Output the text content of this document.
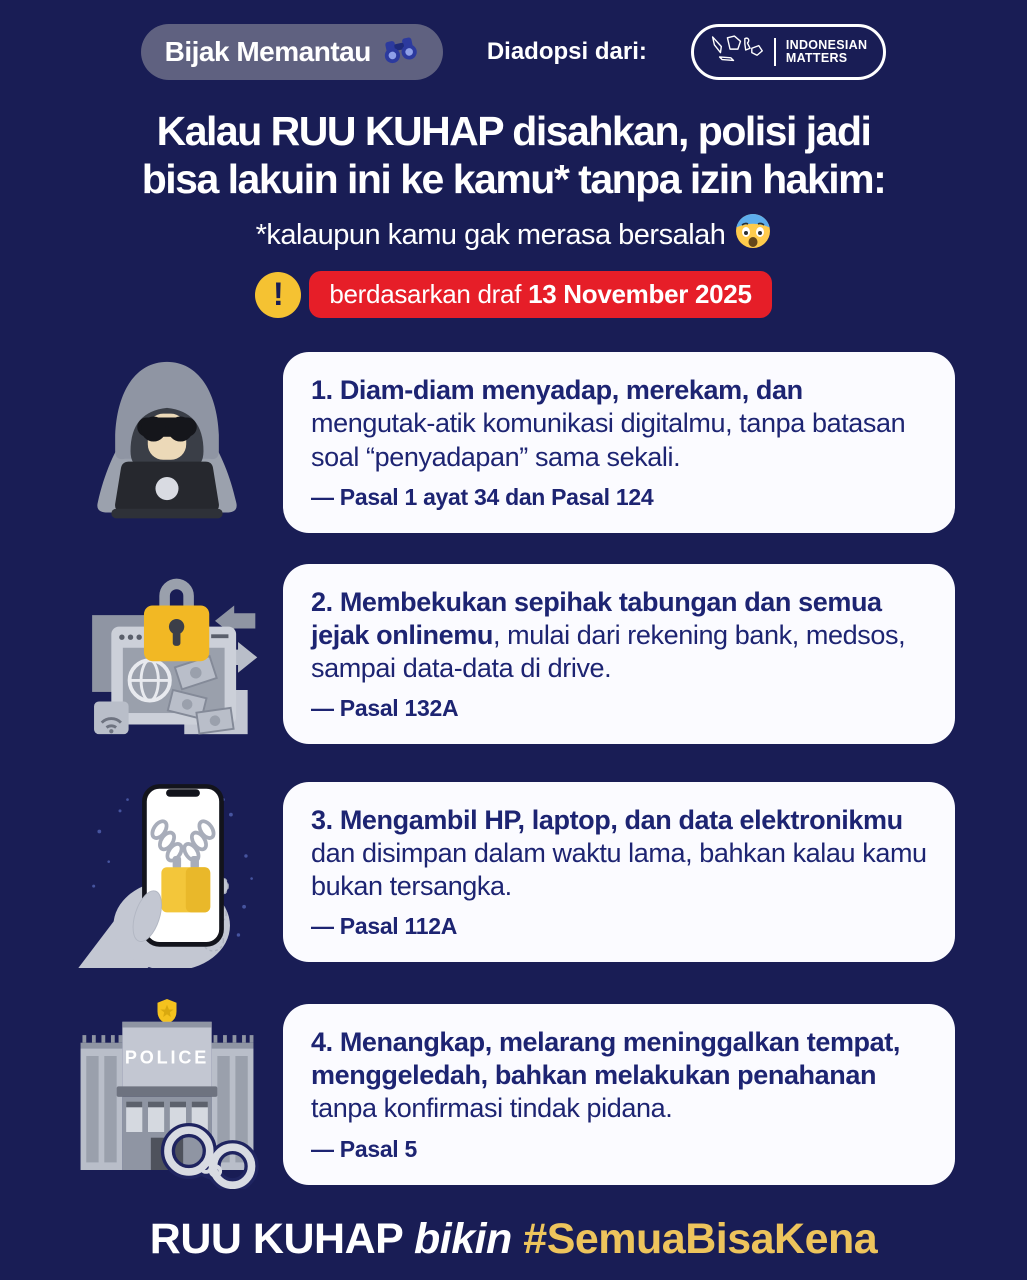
Bijak Memantau	Diadopsi dari:	INDONESIAN
MATTERS
Kalau RUU KUHAP disahkan, polisi jadi
bisa lakuin ini ke kamu* tanpa izin hakim:
*kalaupun kamu gak merasa bersalah
!	berdasarkan draf 13 November 2025

1. Diam-diam menyadap, merekam, dan mengutak-atik komunikasi digitalmu, tanpa batasan soal “penyadapan” sama sekali.

— Pasal 1 ayat 34 dan Pasal 124

2. Membekukan sepihak tabungan dan semua jejak onlinemu, mulai dari rekening bank, medsos, sampai data-data di drive.

— Pasal 132A

3. Mengambil HP, laptop, dan data elektronikmu dan disimpan dalam waktu lama, bahkan kalau kamu bukan tersangka.

— Pasal 112A
POLICE

4. Menangkap, melarang meninggalkan tempat, menggeledah, bahkan melakukan penahanan tanpa konfirmasi tindak pidana.

— Pasal 5
RUU KUHAP bikin #SemuaBisaKena
